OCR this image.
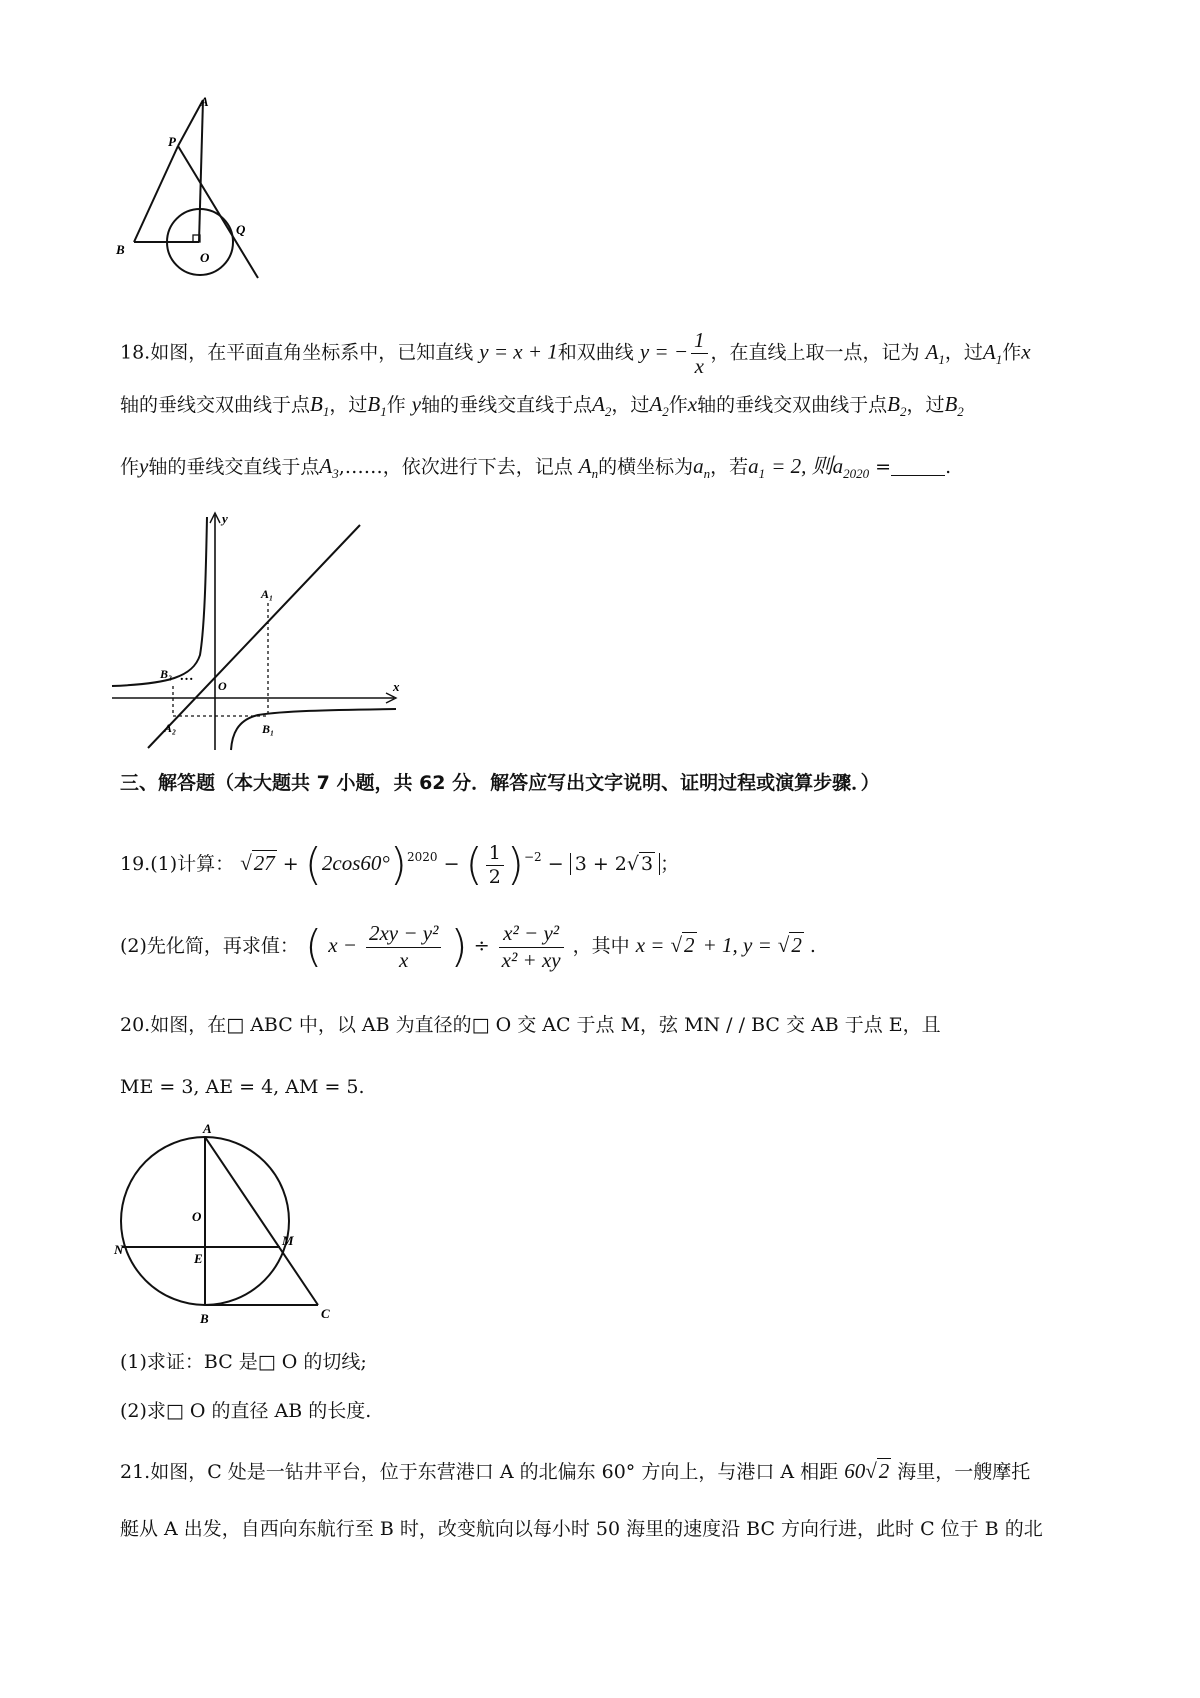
A
P
B
O
Q
18.如图，在平面直角坐标系中，已知直线 y = x + 1和双曲线 y = − $\frac{1}{x}$ ，在直线上取一点，记为 $A_1$，过$A_1$作x
轴的垂线交双曲线于点$B_1$，过$B_1$作 y轴的垂线交直线于点$A_2$，过$A_2$作x轴的垂线交双曲线于点$B_2$，过$B_2$
作y轴的垂线交直线于点$A_3,\dots\dots$，依次进行下去，记点 $A_n$的横坐标为$a_n$，若$a_1 = 2$, 则$a_{2020}$ =	.
y
x
O
A₁
A₂	B₁
B₂ …
三、解答题（本大题共 7 小题，共 62 分．解答应写出文字说明、证明过程或演算步骤．）
19.(1)计算： $√27 + (2\cos 60^\circ)^{2020}$ − ( $\frac{1}{2} )^{-2} - 3 + 2√$ 3 ；
(2)先化简，再求值： ( $x - \frac{\text{2xy − y²}}{x}$ ) ÷ $\frac{\text{x² − y²}}{\text{x² + xy}}$ ，其中 x = √2 + 1, y = √2 .
20.如图，在□ ABC 中，以 AB 为直径的□ O 交 AC 于点 M，弦 MN / / BC 交 AB 于点 E，且
ME = 3, AE = 4, AM = 5.
A
O
N
E
M
B	C
(1)求证：BC 是□ O 的切线;
(2)求□ O 的直径 AB 的长度.
21.如图，C 处是一钻井平台，位于东营港口 A 的北偏东 60° 方向上，与港口 A 相距 60√2 海里，一艘摩托
艇从 A 出发，自西向东航行至 B 时，改变航向以每小时 50 海里的速度沿 BC 方向行进，此时 C 位于 B 的北
